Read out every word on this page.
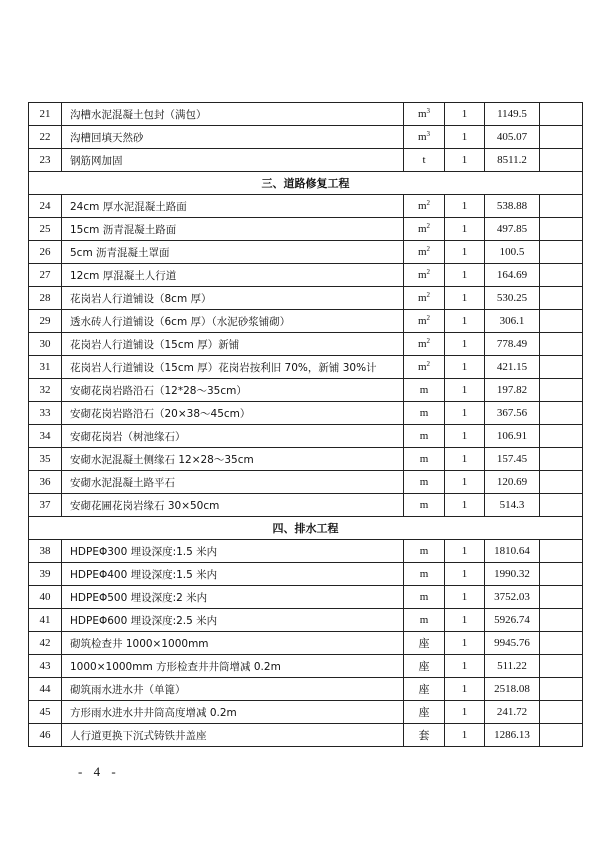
21	沟槽水泥混凝土包封（满包）	$m^3$	1	1149.5	
22	沟槽回填天然砂	$m^3$	1	405.07	
23	钢筋网加固	t	1	8511.2	
三、道路修复工程					
24	24cm 厚水泥混凝土路面	$m^2$	1	538.88	
25	15cm 沥青混凝土路面	$m^2$	1	497.85	
26	5cm 沥青混凝土罩面	$m^2$	1	100.5	
27	12cm 厚混凝土人行道	$m^2$	1	164.69	
28	花岗岩人行道铺设（8cm 厚）	$m^2$	1	530.25	
29	透水砖人行道铺设（6cm 厚）（水泥砂浆铺砌）	$m^2$	1	306.1	
30	花岗岩人行道铺设（15cm 厚）新铺	$m^2$	1	778.49	
31	花岗岩人行道铺设（15cm 厚）花岗岩按利旧 70%，新铺 30%计	$m^2$	1	421.15	
32	安砌花岗岩路沿石（12*28～35cm）	m	1	197.82	
33	安砌花岗岩路沿石（20×38～45cm）	m	1	367.56	
34	安砌花岗岩（树池缘石）	m	1	106.91	
35	安砌水泥混凝土侧缘石 12×28～35cm	m	1	157.45	
36	安砌水泥混凝土路平石	m	1	120.69	
37	安砌花圃花岗岩缘石 30×50cm	m	1	514.3	
四、排水工程					
38	HDPEΦ300 埋设深度:1.5 米内	m	1	1810.64	
39	HDPEΦ400 埋设深度:1.5 米内	m	1	1990.32	
40	HDPEΦ500 埋设深度:2 米内	m	1	3752.03	
41	HDPEΦ600 埋设深度:2.5 米内	m	1	5926.74	
42	砌筑检查井 1000×1000mm	座	1	9945.76	
43	1000×1000mm 方形检查井井筒增减 0.2m	座	1	511.22	
44	砌筑雨水进水井（单篦）	座	1	2518.08	
45	方形雨水进水井井筒高度增减 0.2m	座	1	241.72	
46	人行道更换下沉式铸铁井盖座	套	1	1286.13	
- 4 -
